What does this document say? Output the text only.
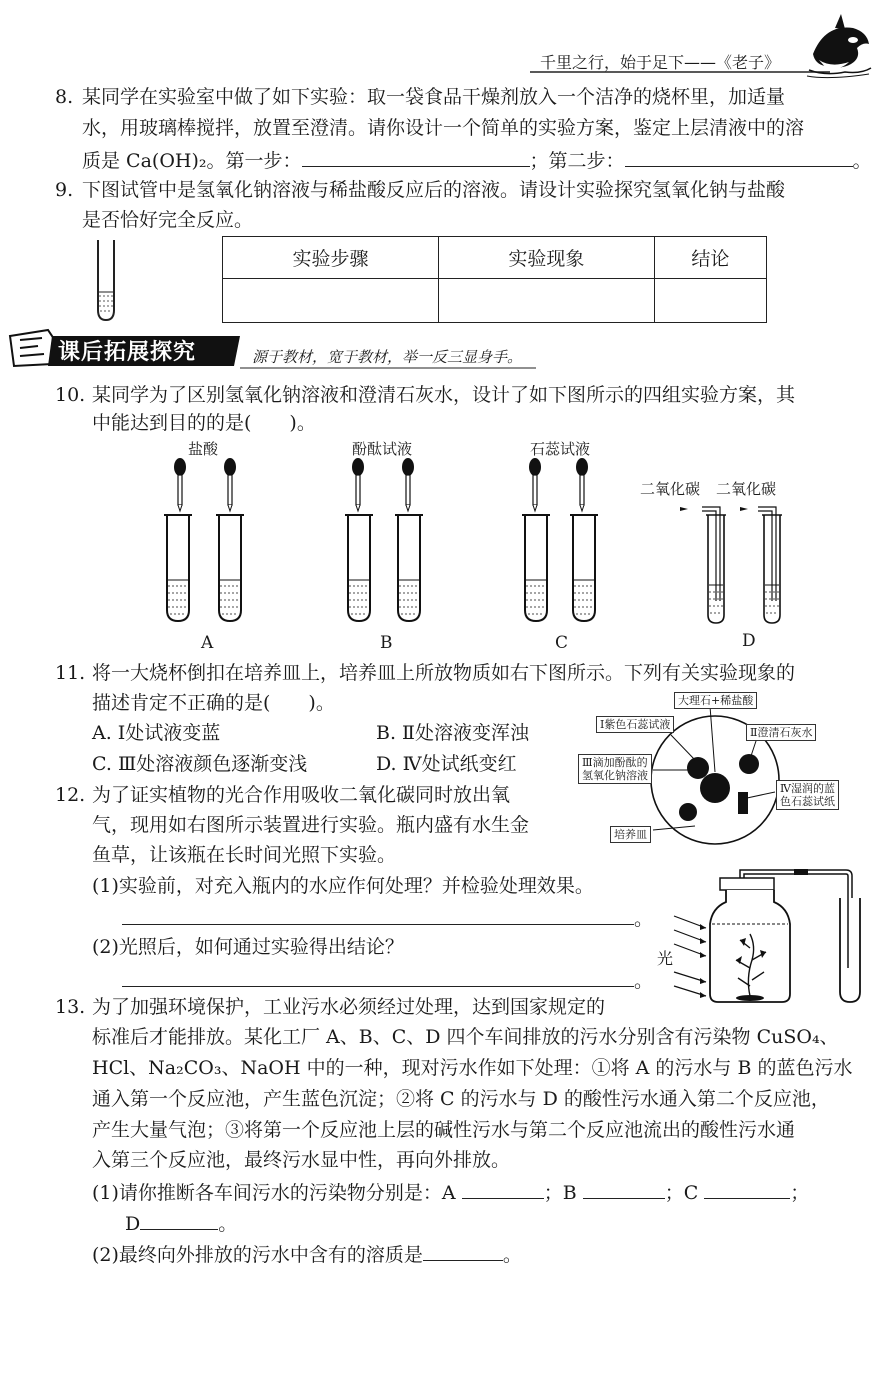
千里之行，始于足下——《老子》
8. 某同学在实验室中做了如下实验：取一袋食品干燥剂放入一个洁净的烧杯里，加适量
水，用玻璃棒搅拌，放置至澄清。请你设计一个简单的实验方案，鉴定上层清液中的溶
质是 Ca(OH)₂。第一步：	；第二步：	。
9. 下图试管中是氢氧化钠溶液与稀盐酸反应后的溶液。请设计实验探究氢氧化钠与盐酸
是否恰好完全反应。
实验步骤	实验现象	结论

课后拓展探究	源于教材，宽于教材，举一反三显身手。
10. 某同学为了区别氢氧化钠溶液和澄清石灰水，设计了如下图所示的四组实验方案，其
中能达到目的的是(　　)。
盐酸	酚酞试液	石蕊试液
二氧化碳 二氧化碳
A	B	C	D
11. 将一大烧杯倒扣在培养皿上，培养皿上所放物质如右下图所示。下列有关实验现象的
描述肯定不正确的是(　　)。
A. Ⅰ处试液变蓝	B. Ⅱ处溶液变浑浊
C. Ⅲ处溶液颜色逐渐变浅	D. Ⅳ处试纸变红
大理石+稀盐酸
Ⅰ紫色石蕊试液
Ⅱ澄清石灰水
Ⅲ滴加酚酞的
氢氧化钠溶液
Ⅳ湿润的蓝
色石蕊试纸
培养皿
12. 为了证实植物的光合作用吸收二氧化碳同时放出氧
气，现用如右图所示装置进行实验。瓶内盛有水生金
鱼草，让该瓶在长时间光照下实验。
(1)实验前，对充入瓶内的水应作何处理？并检验处理效果。
。
(2)光照后，如何通过实验得出结论？
。
光
13. 为了加强环境保护，工业污水必须经过处理，达到国家规定的
标准后才能排放。某化工厂 A、B、C、D 四个车间排放的污水分别含有污染物 CuSO₄、
HCl、Na₂CO₃、NaOH 中的一种，现对污水作如下处理：①将 A 的污水与 B 的蓝色污水
通入第一个反应池，产生蓝色沉淀；②将 C 的污水与 D 的酸性污水通入第二个反应池，
产生大量气泡；③将第一个反应池上层的碱性污水与第二个反应池流出的酸性污水通
入第三个反应池，最终污水显中性，再向外排放。
(1)请你推断各车间污水的污染物分别是：A	；B	；C	；
D	。
(2)最终向外排放的污水中含有的溶质是	。
